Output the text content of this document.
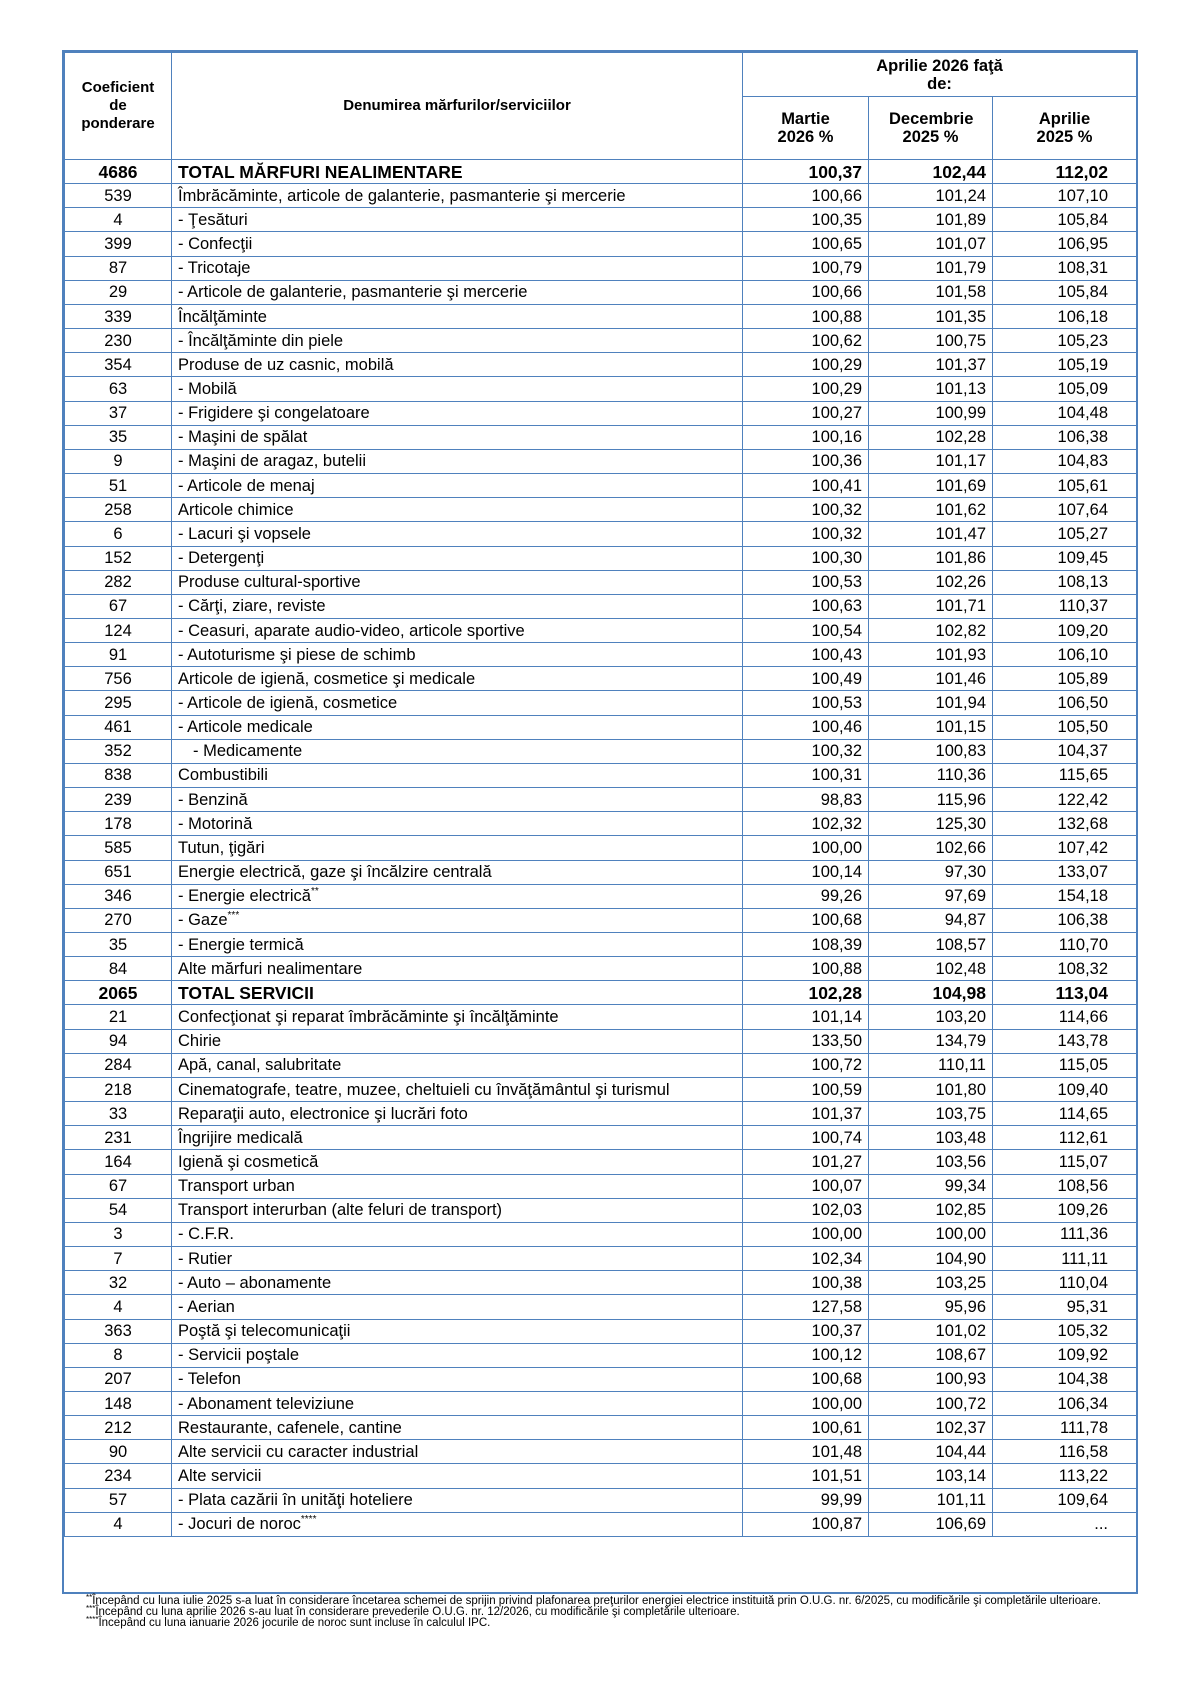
Coeficient de ponderare	Denumirea mărfurilor/serviciilor	Aprilie 2026 faţă de:		
		Martie 2026 %	Decembrie 2025 %	Aprilie 2025 %
4686	TOTAL MĂRFURI NEALIMENTARE	100,37	102,44	112,02
539	Îmbrăcăminte, articole de galanterie, pasmanterie şi mercerie	100,66	101,24	107,10
4	- Ţesături	100,35	101,89	105,84
399	- Confecţii	100,65	101,07	106,95
87	- Tricotaje	100,79	101,79	108,31
29	- Articole de galanterie, pasmanterie şi mercerie	100,66	101,58	105,84
339	Încălţăminte	100,88	101,35	106,18
230	- Încălţăminte din piele	100,62	100,75	105,23
354	Produse de uz casnic, mobilă	100,29	101,37	105,19
63	- Mobilă	100,29	101,13	105,09
37	- Frigidere şi congelatoare	100,27	100,99	104,48
35	- Maşini de spălat	100,16	102,28	106,38
9	- Maşini de aragaz, butelii	100,36	101,17	104,83
51	- Articole de menaj	100,41	101,69	105,61
258	Articole chimice	100,32	101,62	107,64
6	- Lacuri şi vopsele	100,32	101,47	105,27
152	- Detergenţi	100,30	101,86	109,45
282	Produse cultural-sportive	100,53	102,26	108,13
67	- Cărţi, ziare, reviste	100,63	101,71	110,37
124	- Ceasuri, aparate audio-video, articole sportive	100,54	102,82	109,20
91	- Autoturisme şi piese de schimb	100,43	101,93	106,10
756	Articole de igienă, cosmetice şi medicale	100,49	101,46	105,89
295	- Articole de igienă, cosmetice	100,53	101,94	106,50
461	- Articole medicale	100,46	101,15	105,50
352	- Medicamente	100,32	100,83	104,37
838	Combustibili	100,31	110,36	115,65
239	- Benzină	98,83	115,96	122,42
178	- Motorină	102,32	125,30	132,68
585	Tutun, ţigări	100,00	102,66	107,42
651	Energie electrică, gaze şi încălzire centrală	100,14	97,30	133,07
346	- Energie electrică**	99,26	97,69	154,18
270	- Gaze***	100,68	94,87	106,38
35	- Energie termică	108,39	108,57	110,70
84	Alte mărfuri nealimentare	100,88	102,48	108,32
2065	TOTAL SERVICII	102,28	104,98	113,04
21	Confecţionat şi reparat îmbrăcăminte şi încălţăminte	101,14	103,20	114,66
94	Chirie	133,50	134,79	143,78
284	Apă, canal, salubritate	100,72	110,11	115,05
218	Cinematografe, teatre, muzee, cheltuieli cu învăţământul şi turismul	100,59	101,80	109,40
33	Reparaţii auto, electronice şi lucrări foto	101,37	103,75	114,65
231	Îngrijire medicală	100,74	103,48	112,61
164	Igienă şi cosmetică	101,27	103,56	115,07
67	Transport urban	100,07	99,34	108,56
54	Transport interurban (alte feluri de transport)	102,03	102,85	109,26
3	- C.F.R.	100,00	100,00	111,36
7	- Rutier	102,34	104,90	111,11
32	- Auto – abonamente	100,38	103,25	110,04
4	- Aerian	127,58	95,96	95,31
363	Poştă şi telecomunicaţii	100,37	101,02	105,32
8	- Servicii poştale	100,12	108,67	109,92
207	- Telefon	100,68	100,93	104,38
148	- Abonament televiziune	100,00	100,72	106,34
212	Restaurante, cafenele, cantine	100,61	102,37	111,78
90	Alte servicii cu caracter industrial	101,48	104,44	116,58
234	Alte servicii	101,51	103,14	113,22
57	- Plata cazării în unităţi hoteliere	99,99	101,11	109,64
4	- Jocuri de noroc****	100,87	106,69	...

**Începând cu luna iulie 2025 s-a luat în considerare încetarea schemei de sprijin privind plafonarea preţurilor energiei electrice instituită prin O.U.G. nr. 6/2025, cu modificările şi completările ulterioare.

***Începând cu luna aprilie 2026 s-au luat în considerare prevederile O.U.G. nr. 12/2026, cu modificările şi completările ulterioare.

****Începând cu luna ianuarie 2026 jocurile de noroc sunt incluse în calculul IPC.
